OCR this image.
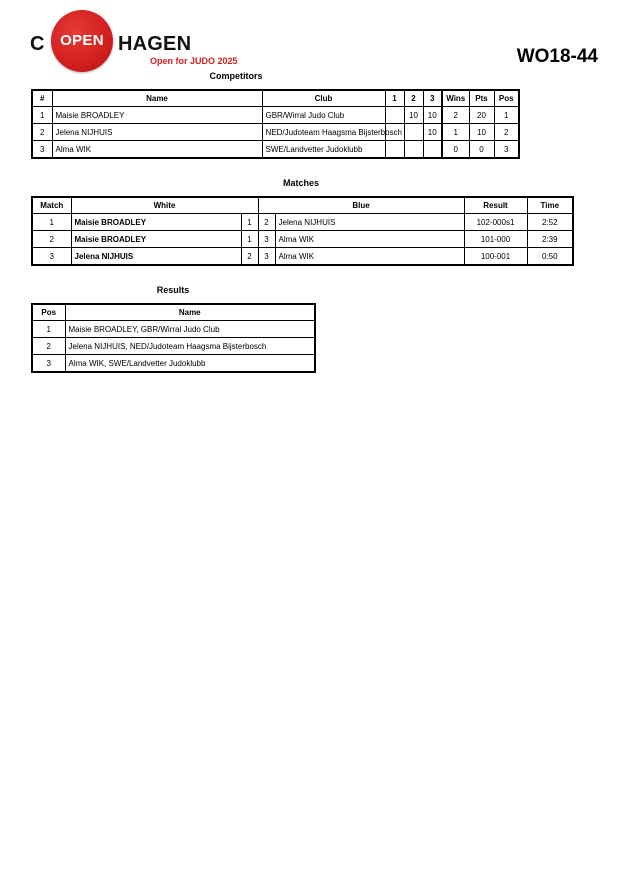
C	OPEN HAGEN
Open for JUDO 2025	WO18-44
Competitors
#	Name	Club	1	2	3	Wins	Pts	Pos
1	Maisie BROADLEY	GBR/Wirral Judo Club		10	10	2	20	1
2	Jelena NIJHUIS	NED/Judoteam Haagsma Bijsterbosch			10	1	10	2
3	Alma WIK	SWE/Landvetter Judoklubb				0	0	3
Matches
Match	White		Blue		Result	Time
1	Maisie BROADLEY	1	2	Jelena NIJHUIS	102-000s1	2:52
2	Maisie BROADLEY	1	3	Alma WIK	101-000	2:39
3	Jelena NIJHUIS	2	3	Alma WIK	100-001	0:50
Results
Pos	Name
1	Maisie BROADLEY, GBR/Wirral Judo Club
2	Jelena NIJHUIS, NED/Judoteam Haagsma Bijsterbosch
3	Alma WIK, SWE/Landvetter Judoklubb
